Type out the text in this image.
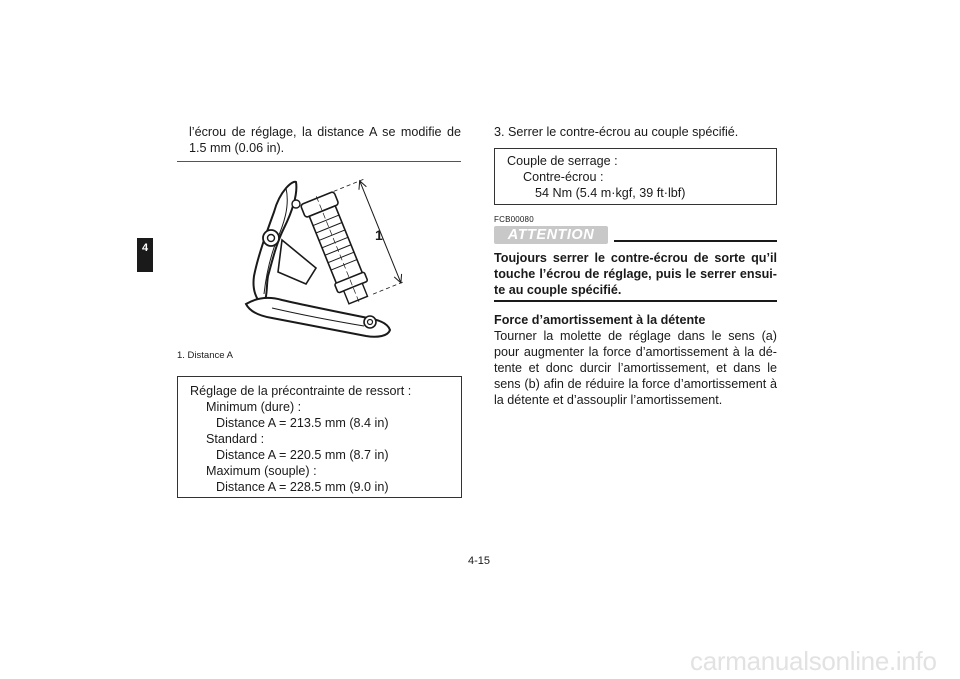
4
l’écrou de réglage, la distance A se modifie de
1.5 mm (0.06 in).
1
1. Distance A
Réglage de la précontrainte de ressort :
Minimum (dure) :
Distance A = 213.5 mm (8.4 in)
Standard :
Distance A = 220.5 mm (8.7 in)
Maximum (souple) :
Distance A = 228.5 mm (9.0 in)
3. Serrer le contre-écrou au couple spécifié.
Couple de serrage :
Contre-écrou :
54 Nm (5.4 m·kgf, 39 ft·lbf)
FCB00080
ATTENTION
Toujours serrer le contre-écrou de sorte qu’il
touche l’écrou de réglage, puis le serrer ensui-
te au couple spécifié.
Force d’amortissement à la détente
Tourner la molette de réglage dans le sens (a)
pour augmenter la force d’amortissement à la dé-
tente et donc durcir l’amortissement, et dans le
sens (b) afin de réduire la force d’amortissement à
la détente et d’assouplir l’amortissement.
4-15
carmanualsonline.info
